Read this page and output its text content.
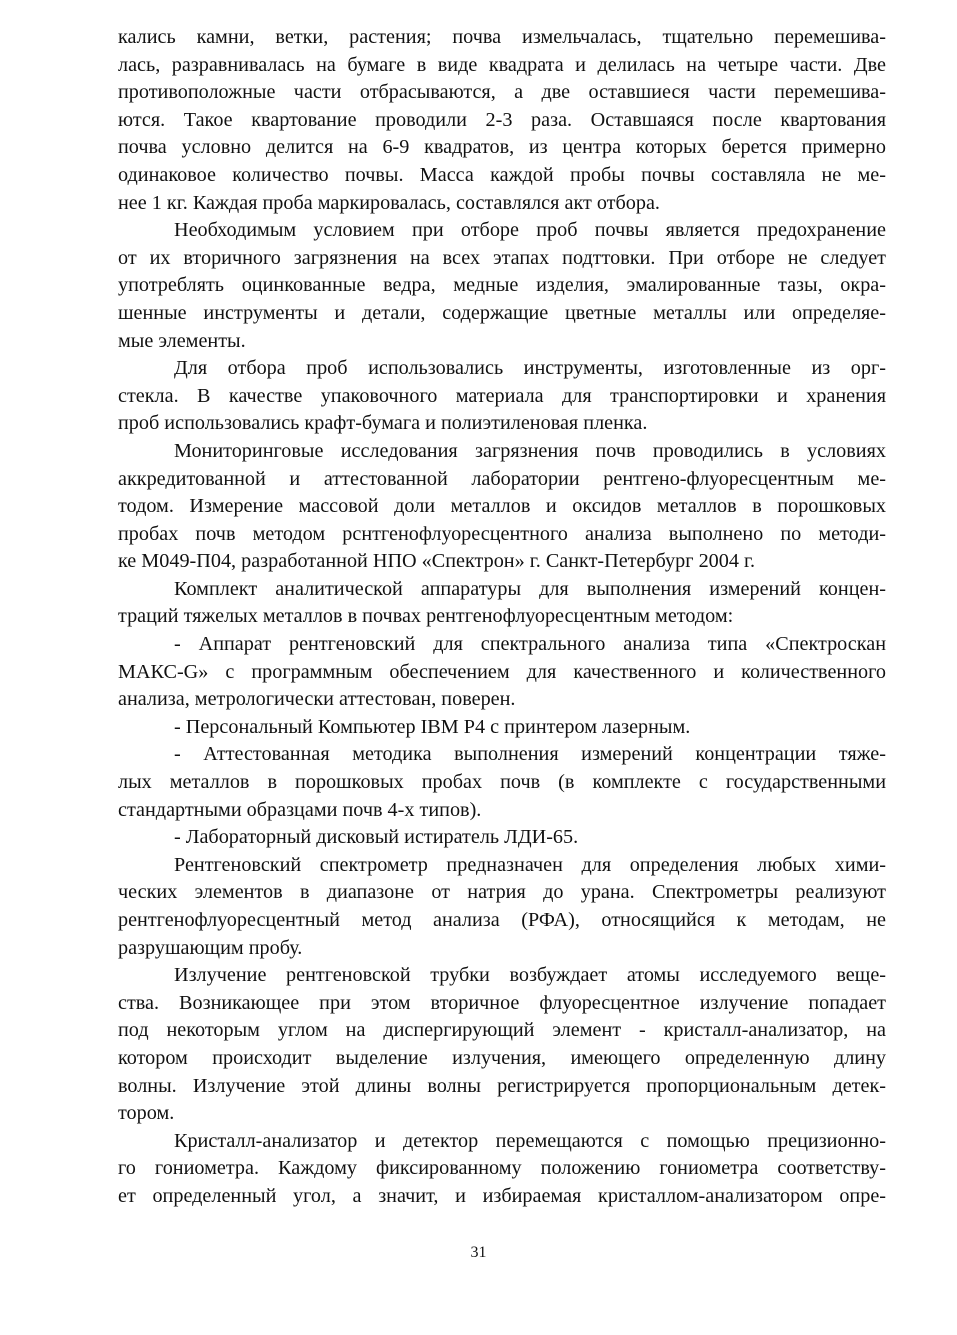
кались камни, ветки, растения; почва измельчалась, тщательно перемешива-
лась, разравнивалась на бумаге в виде квадрата и делилась на четыре части. Две
противоположные части отбрасываются, а две оставшиеся части перемешива-
ются. Такое квартование проводили 2-3 раза. Оставшаяся после квартования
почва условно делится на 6-9 квадратов, из центра которых берется примерно
одинаковое количество почвы. Масса каждой пробы почвы составляла не ме-
нее 1 кг. Каждая проба маркировалась, составлялся акт отбора.
Необходимым условием при отборе проб почвы является предохранение
от их вторичного загрязнения на всех этапах подттовки. При отборе не следует
употреблять оцинкованные ведра, медные изделия, эмалированные тазы, окра-
шенные инструменты и детали, содержащие цветные металлы или определяе-
мые элементы.
Для отбора проб использовались инструменты, изготовленные из орг-
стекла. В качестве упаковочного материала для транспортировки и хранения
проб использовались крафт-бумага и полиэтиленовая пленка.
Мониторинговые исследования загрязнения почв проводились в условиях
аккредитованной и аттестованной лаборатории рентгено-флуоресцентным ме-
тодом. Измерение массовой доли металлов и оксидов металлов в порошковых
пробах почв методом рснтгенофлуоресцентного анализа выполнено по методи-
ке М049-П04, разработанной НПО «Спектрон» г. Санкт-Петербург 2004 г.
Комплект аналитической аппаратуры для выполнения измерений концен-
траций тяжелых металлов в почвах рентгенофлуоресцентным методом:
- Аппарат рентгеновский для спектрального анализа типа «Спектроскан
МАКС-G» с программным обеспечением для качественного и количественного
анализа, метрологически аттестован, поверен.
- Персональный Компьютер IBM P4 с принтером лазерным.
- Аттестованная методика выполнения измерений концентрации тяже-
лых металлов в порошковых пробах почв (в комплекте с государственными
стандартными образцами почв 4-х типов).
- Лабораторный дисковый истиратель ЛДИ-65.
Рентгеновский спектрометр предназначен для определения любых хими-
ческих элементов в диапазоне от натрия до урана. Спектрометры реализуют
рентгенофлуоресцентный метод анализа (РФА), относящийся к методам, не
разрушающим пробу.
Излучение рентгеновской трубки возбуждает атомы исследуемого веще-
ства. Возникающее при этом вторичное флуоресцентное излучение попадает
под некоторым углом на диспергирующий элемент - кристалл-анализатор, на
котором происходит выделение излучения, имеющего определенную длину
волны. Излучение этой длины волны регистрируется пропорциональным детек-
тором.
Кристалл-анализатор и детектор перемещаются с помощью прецизионно-
го гониометра. Каждому фиксированному положению гониометра соответству-
ет определенный угол, а значит, и избираемая кристаллом-анализатором опре-
31
